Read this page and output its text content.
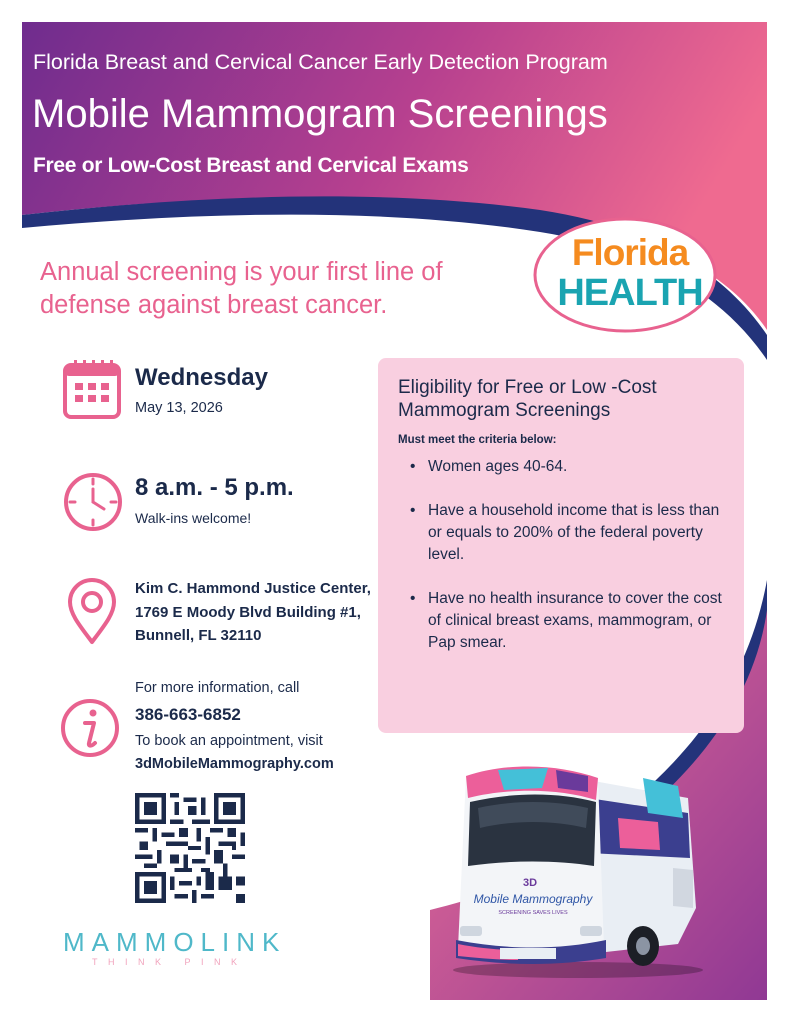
Florida Breast and Cervical Cancer Early Detection Program
Mobile Mammogram Screenings
Free or Low-Cost Breast and Cervical Exams
Florida
HEALTH
Annual screening is your first line of defense against breast cancer.
Wednesday
May 13, 2026
8 a.m. - 5 p.m.
Walk-ins welcome!
Kim C. Hammond Justice Center, 1769 E Moody Blvd Building #1, Bunnell, FL 32110
For more information, call
386-663-6852
To book an appointment, visit
3dMobileMammography.com
MAMMOLINK
THINK PINK
Eligibility for Free or Low -Cost Mammogram Screenings
Must meet the criteria below:
• Women ages 40-64.
• Have a household income that is less than or equals to 200% of the federal poverty level.
• Have no health insurance to cover the cost of clinical breast exams, mammogram, or Pap smear.
3D
Mobile Mammography
SCREENING SAVES LIVES
